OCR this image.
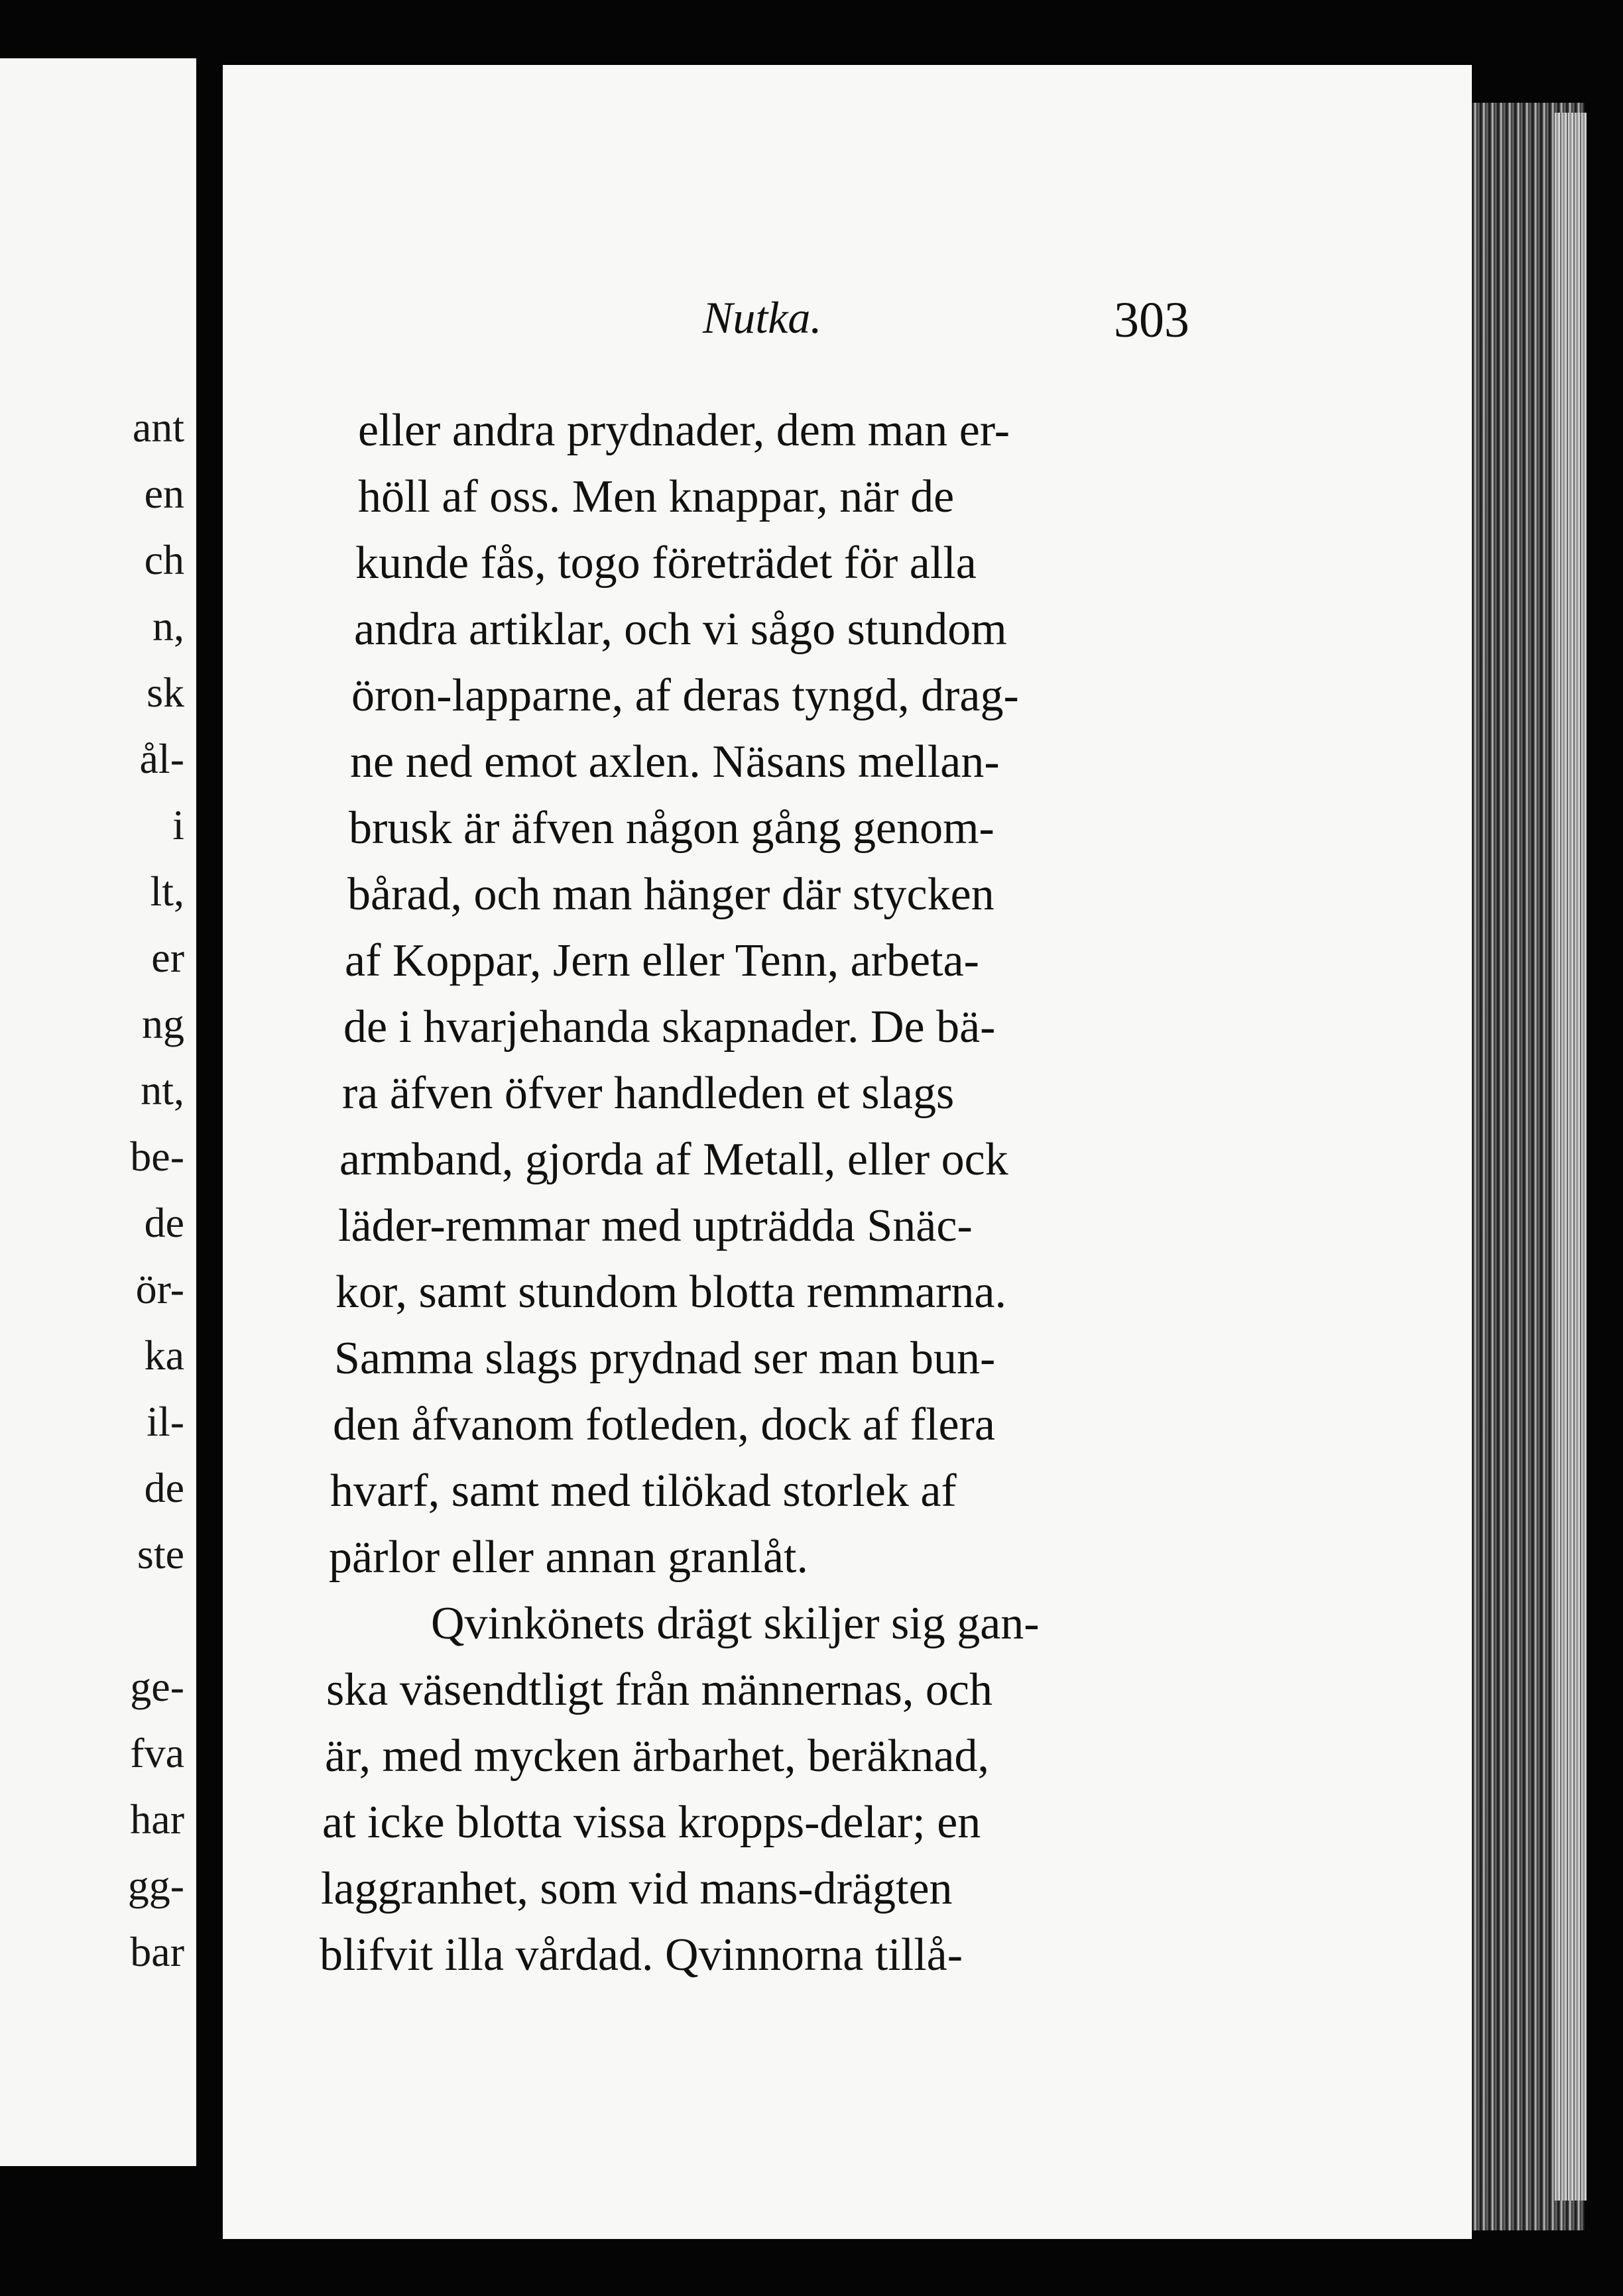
ant
en
ch
n,
sk
ål-
i
lt,
er
ng
nt,
be-
de
ör-
ka
il-
de
ste
ge-
fva
har
gg-
bar
Nutka.	303
eller andra prydnader, dem man er-
höll af oss. Men knappar, när de
kunde fås, togo företrädet för alla
andra artiklar, och vi sågo stundom
öron-lapparne, af deras tyngd, drag-
ne ned emot axlen. Näsans mellan-
brusk är äfven någon gång genom-
bårad, och man hänger där stycken
af Koppar, Jern eller Tenn, arbeta-
de i hvarjehanda skapnader. De bä-
ra äfven öfver handleden et slags
armband, gjorda af Metall, eller ock
läder-remmar med upträdda Snäc-
kor, samt stundom blotta remmarna.
Samma slags prydnad ser man bun-
den åfvanom fotleden, dock af flera
hvarf, samt med tilökad storlek af
pärlor eller annan granlåt.
Qvinkönets drägt skiljer sig gan-
ska väsendtligt från männernas, och
är, med mycken ärbarhet, beräknad,
at icke blotta vissa kropps-delar; en
laggranhet, som vid mans-drägten
blifvit illa vårdad. Qvinnorna tillå-
